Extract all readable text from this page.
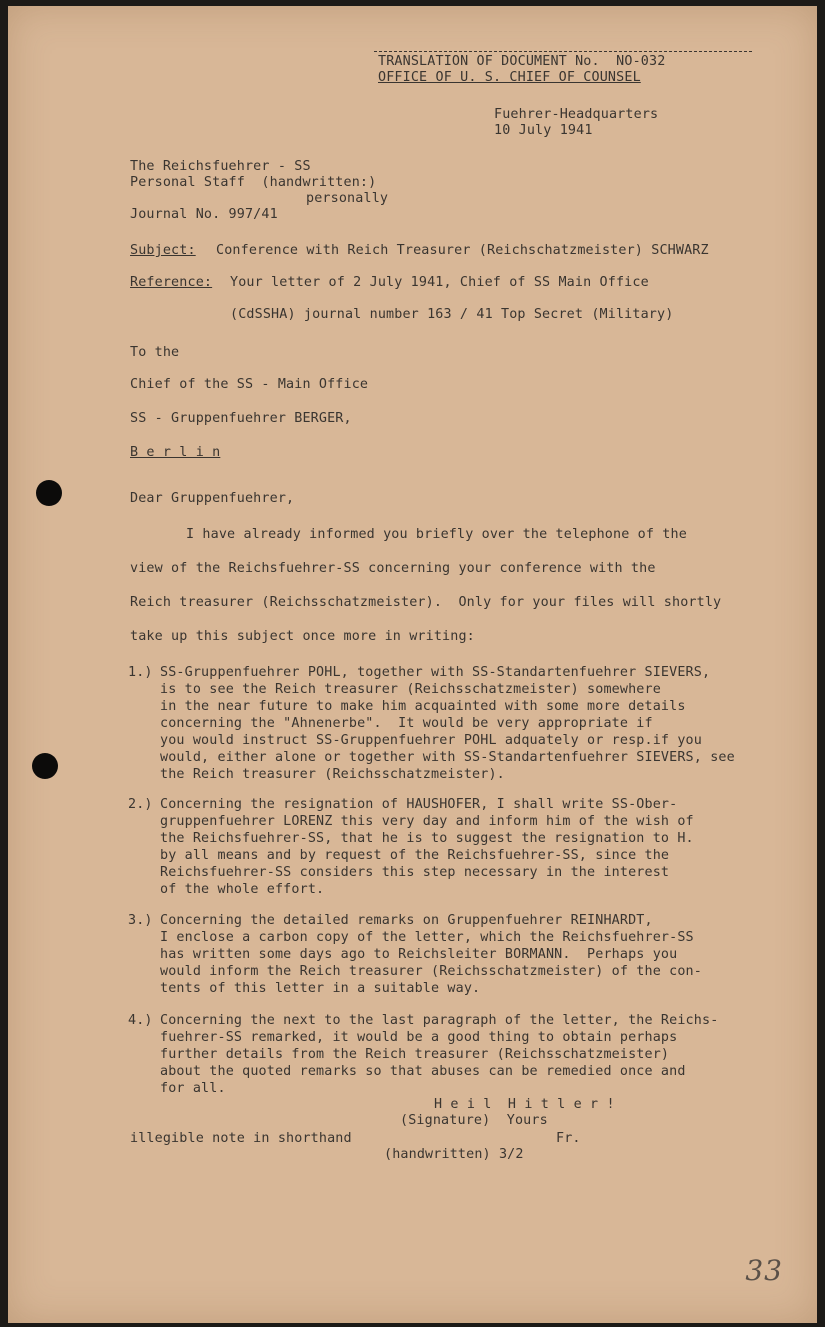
TRANSLATION OF DOCUMENT No.  NO-032
OFFICE OF U. S. CHIEF OF COUNSEL
Fuehrer-Headquarters
10 July 1941
The Reichsfuehrer - SS
Personal Staff  (handwritten:)
personally
Journal No. 997/41
Subject: Conference with Reich Treasurer (Reichschatzmeister) SCHWARZ
Reference: Your letter of 2 July 1941, Chief of SS Main Office
(CdSSHA) journal number 163 / 41 Top Secret (Military)
To the
Chief of the SS - Main Office
SS - Gruppenfuehrer BERGER,
B e r l i n
Dear Gruppenfuehrer,
I have already informed you briefly over the telephone of the
view of the Reichsfuehrer-SS concerning your conference with the
Reich treasurer (Reichsschatzmeister).  Only for your files will shortly
take up this subject once more in writing:
1.) SS-Gruppenfuehrer POHL, together with SS-Standartenfuehrer SIEVERS,
is to see the Reich treasurer (Reichsschatzmeister) somewhere
in the near future to make him acquainted with some more details
concerning the "Ahnenerbe".  It would be very appropriate if
you would instruct SS-Gruppenfuehrer POHL adquately or resp.if you
would, either alone or together with SS-Standartenfuehrer SIEVERS, see
the Reich treasurer (Reichsschatzmeister).
2.) Concerning the resignation of HAUSHOFER, I shall write SS-Ober-
gruppenfuehrer LORENZ this very day and inform him of the wish of
the Reichsfuehrer-SS, that he is to suggest the resignation to H.
by all means and by request of the Reichsfuehrer-SS, since the
Reichsfuehrer-SS considers this step necessary in the interest
of the whole effort.
3.) Concerning the detailed remarks on Gruppenfuehrer REINHARDT,
I enclose a carbon copy of the letter, which the Reichsfuehrer-SS
has written some days ago to Reichsleiter BORMANN.  Perhaps you
would inform the Reich treasurer (Reichsschatzmeister) of the con-
tents of this letter in a suitable way.
4.) Concerning the next to the last paragraph of the letter, the Reichs-
fuehrer-SS remarked, it would be a good thing to obtain perhaps
further details from the Reich treasurer (Reichsschatzmeister)
about the quoted remarks so that abuses can be remedied once and
for all.
H e i l  H i t l e r !
(Signature)  Yours
illegible note in shorthand	Fr.
(handwritten) 3/2
33
